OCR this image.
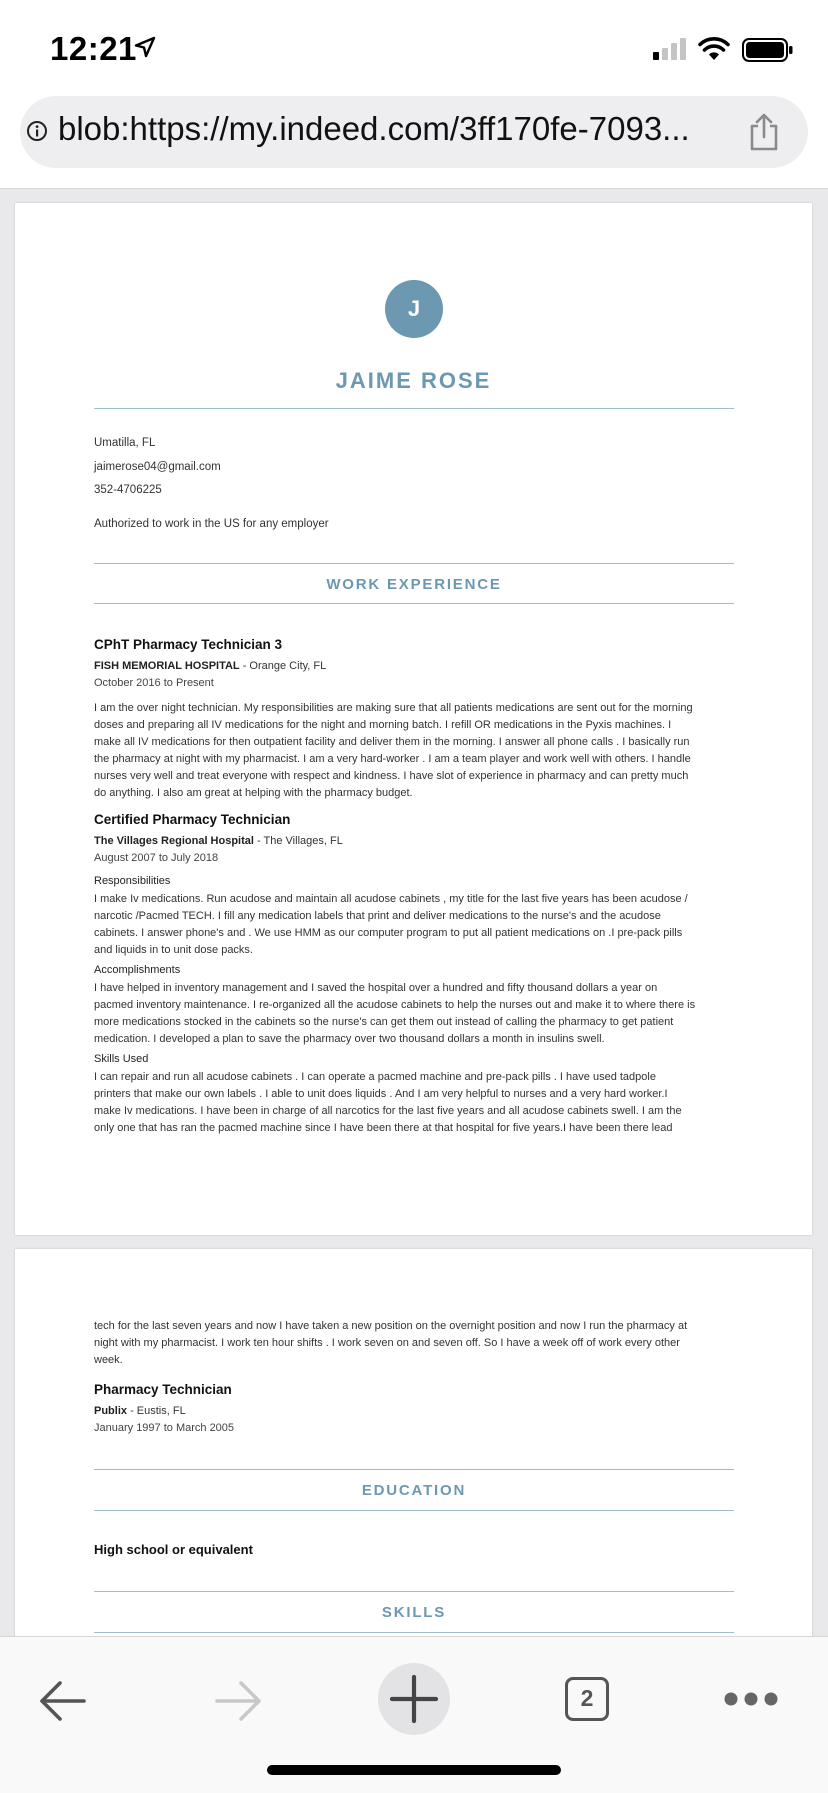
12:21
blob:https://my.indeed.com/3ff170fe-7093...
J
JAIME ROSE
Umatilla, FL
jaimerose04@gmail.com
352-4706225
Authorized to work in the US for any employer
WORK EXPERIENCE
CPhT Pharmacy Technician 3
FISH MEMORIAL HOSPITAL - Orange City, FL
October 2016 to Present
I am the over night technician. My responsibilities are making sure that all patients medications are sent out for the morning
doses and preparing all IV medications for the night and morning batch. I refill OR medications in the Pyxis machines. I
make all IV medications for then outpatient facility and deliver them in the morning. I answer all phone calls . I basically run
the pharmacy at night with my pharmacist. I am a very hard-worker . I am a team player and work well with others. I handle
nurses very well and treat everyone with respect and kindness. I have slot of experience in pharmacy and can pretty much
do anything. I also am great at helping with the pharmacy budget.
Certified Pharmacy Technician
The Villages Regional Hospital - The Villages, FL
August 2007 to July 2018
Responsibilities
I make Iv medications. Run acudose and maintain all acudose cabinets , my title for the last five years has been acudose /
narcotic /Pacmed TECH. I fill any medication labels that print and deliver medications to the nurse's and the acudose
cabinets. I answer phone's and . We use HMM as our computer program to put all patient medications on .I pre-pack pills
and liquids in to unit dose packs.
Accomplishments
I have helped in inventory management and I saved the hospital over a hundred and fifty thousand dollars a year on
pacmed inventory maintenance. I re-organized all the acudose cabinets to help the nurses out and make it to where there is
more medications stocked in the cabinets so the nurse's can get them out instead of calling the pharmacy to get patient
medication. I developed a plan to save the pharmacy over two thousand dollars a month in insulins swell.
Skills Used
I can repair and run all acudose cabinets . I can operate a pacmed machine and pre-pack pills . I have used tadpole
printers that make our own labels . I able to unit does liquids . And I am very helpful to nurses and a very hard worker.I
make Iv medications. I have been in charge of all narcotics for the last five years and all acudose cabinets swell. I am the
only one that has ran the pacmed machine since I have been there at that hospital for five years.I have been there lead
tech for the last seven years and now I have taken a new position on the overnight position and now I run the pharmacy at
night with my pharmacist. I work ten hour shifts . I work seven on and seven off. So I have a week off of work every other
week.
Pharmacy Technician
Publix - Eustis, FL
January 1997 to March 2005
EDUCATION
High school or equivalent
SKILLS
2
